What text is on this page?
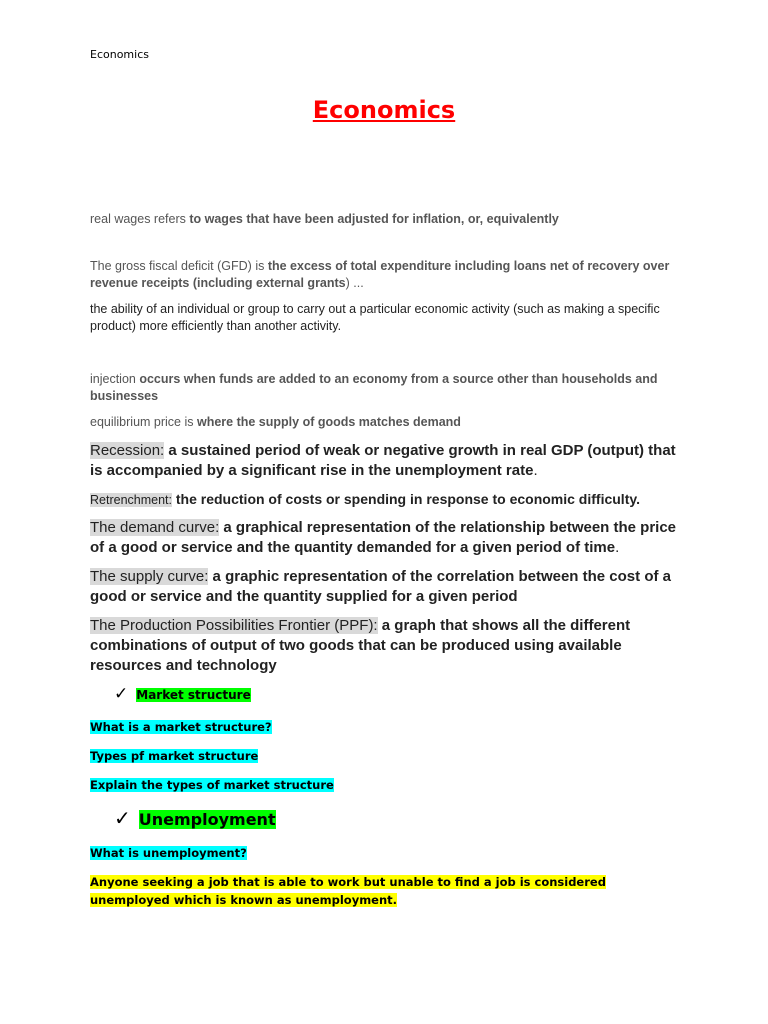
Economics
Economics

real wages refers to wages that have been adjusted for inflation, or, equivalently

The gross fiscal deficit (GFD) is the excess of total expenditure including loans net of recovery over revenue receipts (including external grants) ...

the ability of an individual or group to carry out a particular economic activity (such as making a specific product) more efficiently than another activity.

injection occurs when funds are added to an economy from a source other than households and businesses

equilibrium price is where the supply of goods matches demand

Recession: a sustained period of weak or negative growth in real GDP (output) that is accompanied by a significant rise in the unemployment rate.

Retrenchment: the reduction of costs or spending in response to economic difficulty.

The demand curve: a graphical representation of the relationship between the price of a good or service and the quantity demanded for a given period of time.

The supply curve: a graphic representation of the correlation between the cost of a good or service and the quantity supplied for a given period

The Production Possibilities Frontier (PPF): a graph that shows all the different combinations of output of two goods that can be produced using available resources and technology

✓ Market structure

What is a market structure?

Types pf market structure

Explain the types of market structure

✓ Unemployment

What is unemployment?

Anyone seeking a job that is able to work but unable to find a job is considered unemployed which is known as unemployment.
